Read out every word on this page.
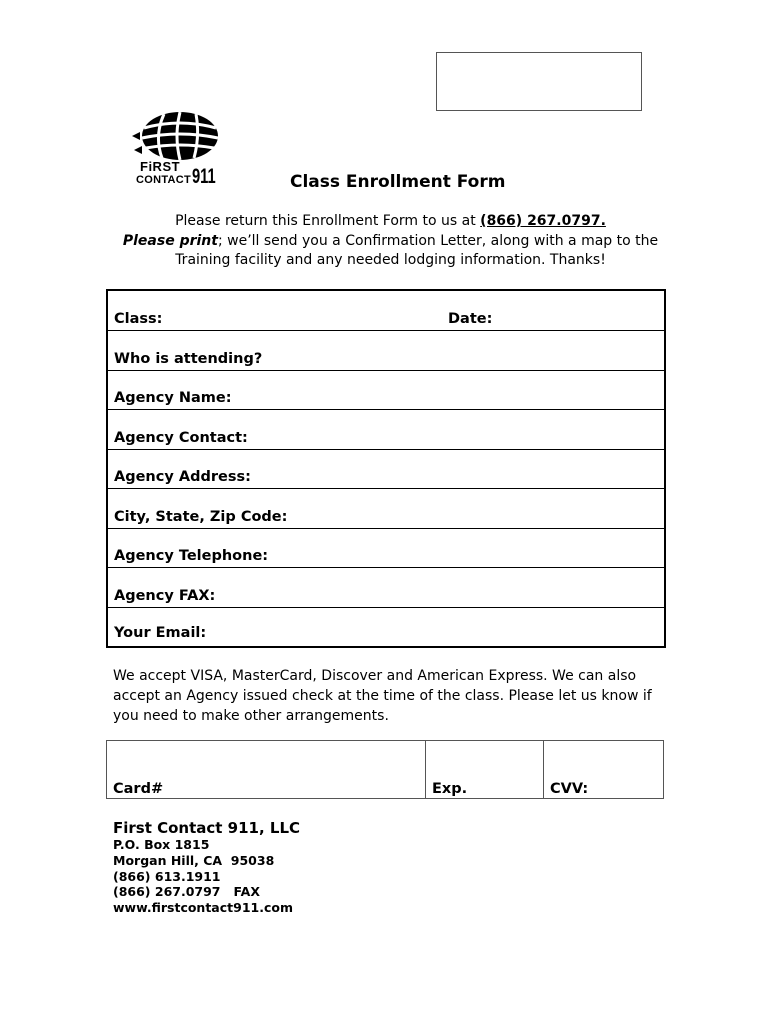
FiRST
CONTACT 911	Class Enrollment Form
Please return this Enrollment Form to us at (866) 267.0797.
Please print; we’ll send you a Confirmation Letter, along with a map to the Training facility and any needed lodging information. Thanks!
Class:	Date:
Who is attending?
Agency Name:
Agency Contact:
Agency Address:
City, State, Zip Code:
Agency Telephone:
Agency FAX:
Your Email:
We accept VISA, MasterCard, Discover and American Express. We can also accept an Agency issued check at the time of the class. Please let us know if you need to make other arrangements.
Card#	Exp.	CVV:
First Contact 911, LLC
P.O. Box 1815
Morgan Hill, CA  95038
(866) 613.1911
(866) 267.0797   FAX
www.firstcontact911.com
